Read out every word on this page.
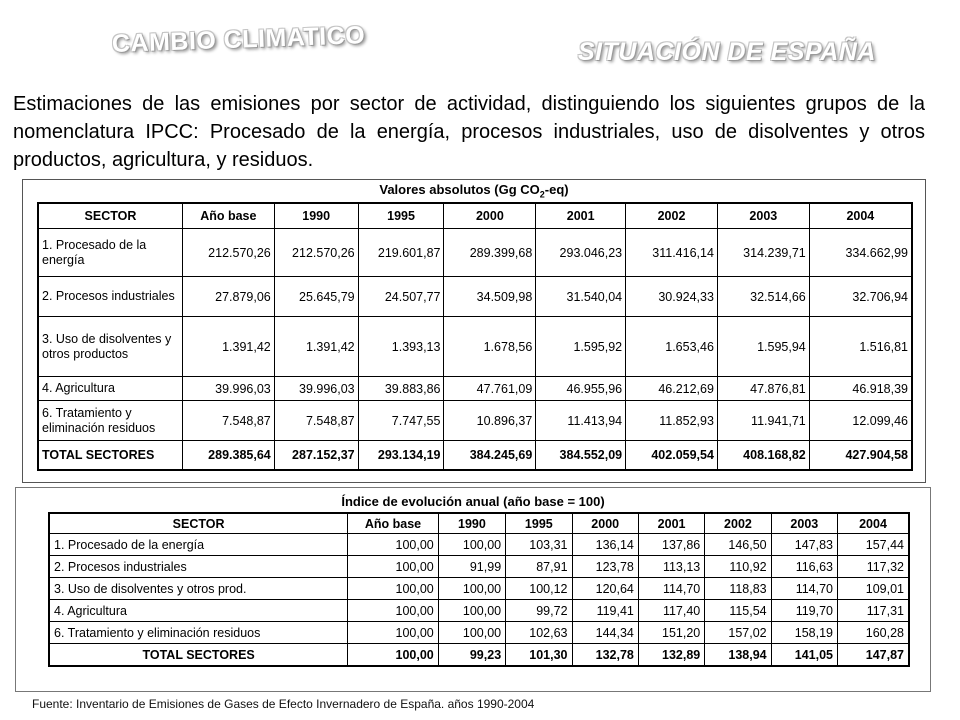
CAMBIO CLIMATICO	SITUACIÓN DE ESPAÑA

Estimaciones de las emisiones por sector de actividad, distinguiendo los siguientes grupos de la nomenclatura IPCC: Procesado de la energía, procesos industriales, uso de disolventes y otros productos, agricultura, y residuos.

Valores absolutos (Gg $CO_2-eq$)
SECTOR	Año base	1990	1995	2000	2001	2002	2003	2004
1. Procesado de la energía	212.570,26	212.570,26	219.601,87	289.399,68	293.046,23	311.416,14	314.239,71	334.662,99
2. Procesos industriales	27.879,06	25.645,79	24.507,77	34.509,98	31.540,04	30.924,33	32.514,66	32.706,94
3. Uso de disolventes y otros productos	1.391,42	1.391,42	1.393,13	1.678,56	1.595,92	1.653,46	1.595,94	1.516,81
4. Agricultura	39.996,03	39.996,03	39.883,86	47.761,09	46.955,96	46.212,69	47.876,81	46.918,39
6. Tratamiento y eliminación residuos	7.548,87	7.548,87	7.747,55	10.896,37	11.413,94	11.852,93	11.941,71	12.099,46
TOTAL SECTORES	289.385,64	287.152,37	293.134,19	384.245,69	384.552,09	402.059,54	408.168,82	427.904,58
Índice de evolución anual (año base = 100)
SECTOR	Año base	1990	1995	2000	2001	2002	2003	2004
1. Procesado de la energía	100,00	100,00	103,31	136,14	137,86	146,50	147,83	157,44
2. Procesos industriales	100,00	91,99	87,91	123,78	113,13	110,92	116,63	117,32
3. Uso de disolventes y otros prod.	100,00	100,00	100,12	120,64	114,70	118,83	114,70	109,01
4. Agricultura	100,00	100,00	99,72	119,41	117,40	115,54	119,70	117,31
6. Tratamiento y eliminación residuos	100,00	100,00	102,63	144,34	151,20	157,02	158,19	160,28
TOTAL SECTORES	100,00	99,23	101,30	132,78	132,89	138,94	141,05	147,87
Fuente: Inventario de Emisiones de Gases de Efecto Invernadero de España. años 1990-2004
